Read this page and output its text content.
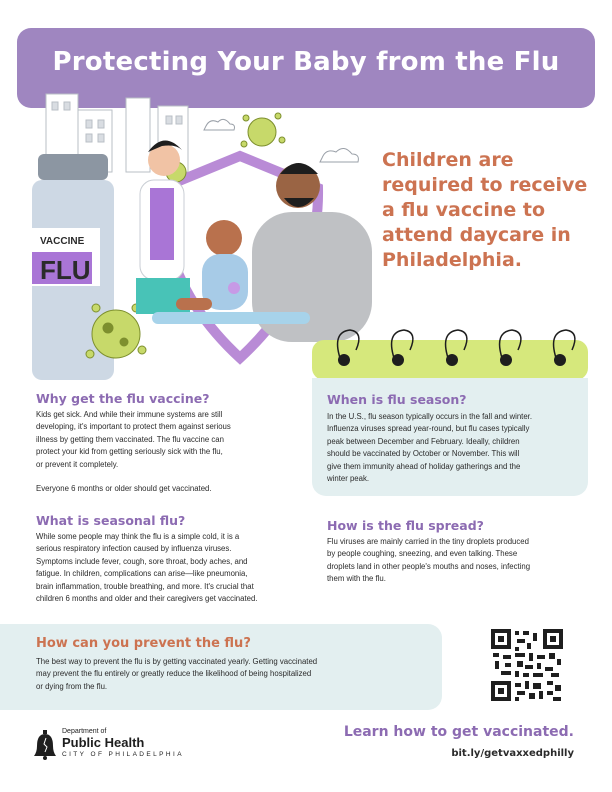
Protecting Your Baby from the Flu
VACCINE
FLU
Children are required to receive a flu vaccine to attend daycare in Philadelphia.
Why get the flu vaccine?

Kids get sick. And while their immune systems are still

developing, it's important to protect them against serious

illness by getting them vaccinated. The flu vaccine can

protect your kid from getting seriously sick with the flu,

or prevent it completely.

Everyone 6 months or older should get vaccinated.

What is seasonal flu?

While some people may think the flu is a simple cold, it is a

serious respiratory infection caused by influenza viruses.

Symptoms include fever, cough, sore throat, body aches, and

fatigue. In children, complications can arise—like pneumonia,

brain inflammation, trouble breathing, and more. It's crucial that

children 6 months and older and their caregivers get vaccinated.

When is flu season?

In the U.S., flu season typically occurs in the fall and winter.

Influenza viruses spread year-round, but flu cases typically

peak between December and February. Ideally, children

should be vaccinated by October or November. This will

give them immunity ahead of holiday gatherings and the

winter peak.

How is the flu spread?

Flu viruses are mainly carried in the tiny droplets produced

by people coughing, sneezing, and even talking. These

droplets land in other people's mouths and noses, infecting

them with the flu.

How can you prevent the flu?

The best way to prevent the flu is by getting vaccinated yearly. Getting vaccinated

may prevent the flu entirely or greatly reduce the likelihood of being hospitalized

or dying from the flu.

Department of
Public Health
CITY OF PHILADELPHIA

Learn how to get vaccinated.

bit.ly/getvaxxedphilly
